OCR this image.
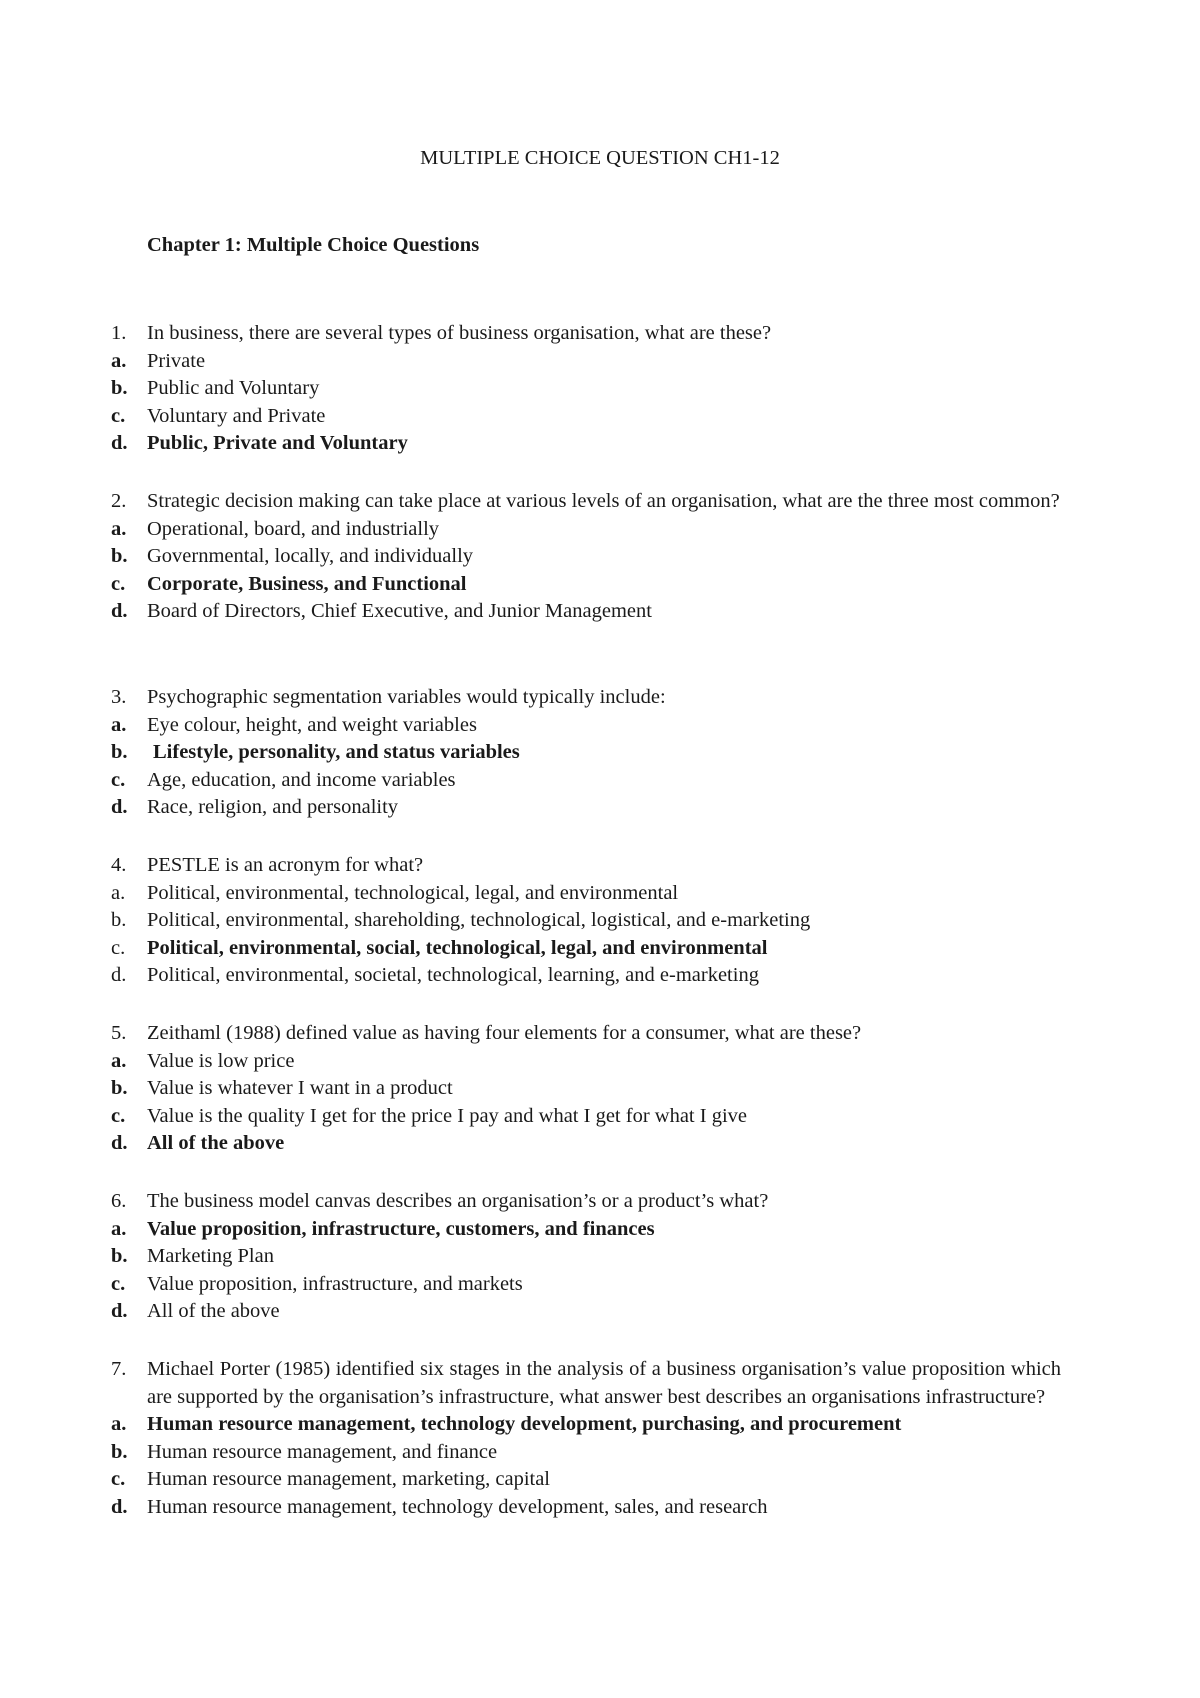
MULTIPLE CHOICE QUESTION CH1-12
Chapter 1: Multiple Choice Questions
1.	In business, there are several types of business organisation, what are these?
a.	Private
b. Public and Voluntary
c.	Voluntary and Private
d. Public, Private and Voluntary
2.	Strategic decision making can take place at various levels of an organisation, what are the three most common?
a.	Operational, board, and industrially
b. Governmental, locally, and individually
c.	Corporate, Business, and Functional
d. Board of Directors, Chief Executive, and Junior Management
3.	Psychographic segmentation variables would typically include:
a.	Eye colour, height, and weight variables
b.	Lifestyle, personality, and status variables
c.	Age, education, and income variables
d. Race, religion, and personality
4.	PESTLE is an acronym for what?
a.	Political, environmental, technological, legal, and environmental
b.	Political, environmental, shareholding, technological, logistical, and e-marketing
c.	Political, environmental, social, technological, legal, and environmental
d.	Political, environmental, societal, technological, learning, and e-marketing
5.	Zeithaml (1988) defined value as having four elements for a consumer, what are these?
a.	Value is low price
b. Value is whatever I want in a product
c.	Value is the quality I get for the price I pay and what I get for what I give
d. All of the above
6.	The business model canvas describes an organisation’s or a product’s what?
a.	Value proposition, infrastructure, customers, and finances
b. Marketing Plan
c.	Value proposition, infrastructure, and markets
d. All of the above
7.	Michael Porter (1985) identified six stages in the analysis of a business organisation’s value proposition which are supported by the organisation’s infrastructure, what answer best describes an organisations infrastructure?
a.	Human resource management, technology development, purchasing, and procurement
b. Human resource management, and finance
c.	Human resource management, marketing, capital
d. Human resource management, technology development, sales, and research
